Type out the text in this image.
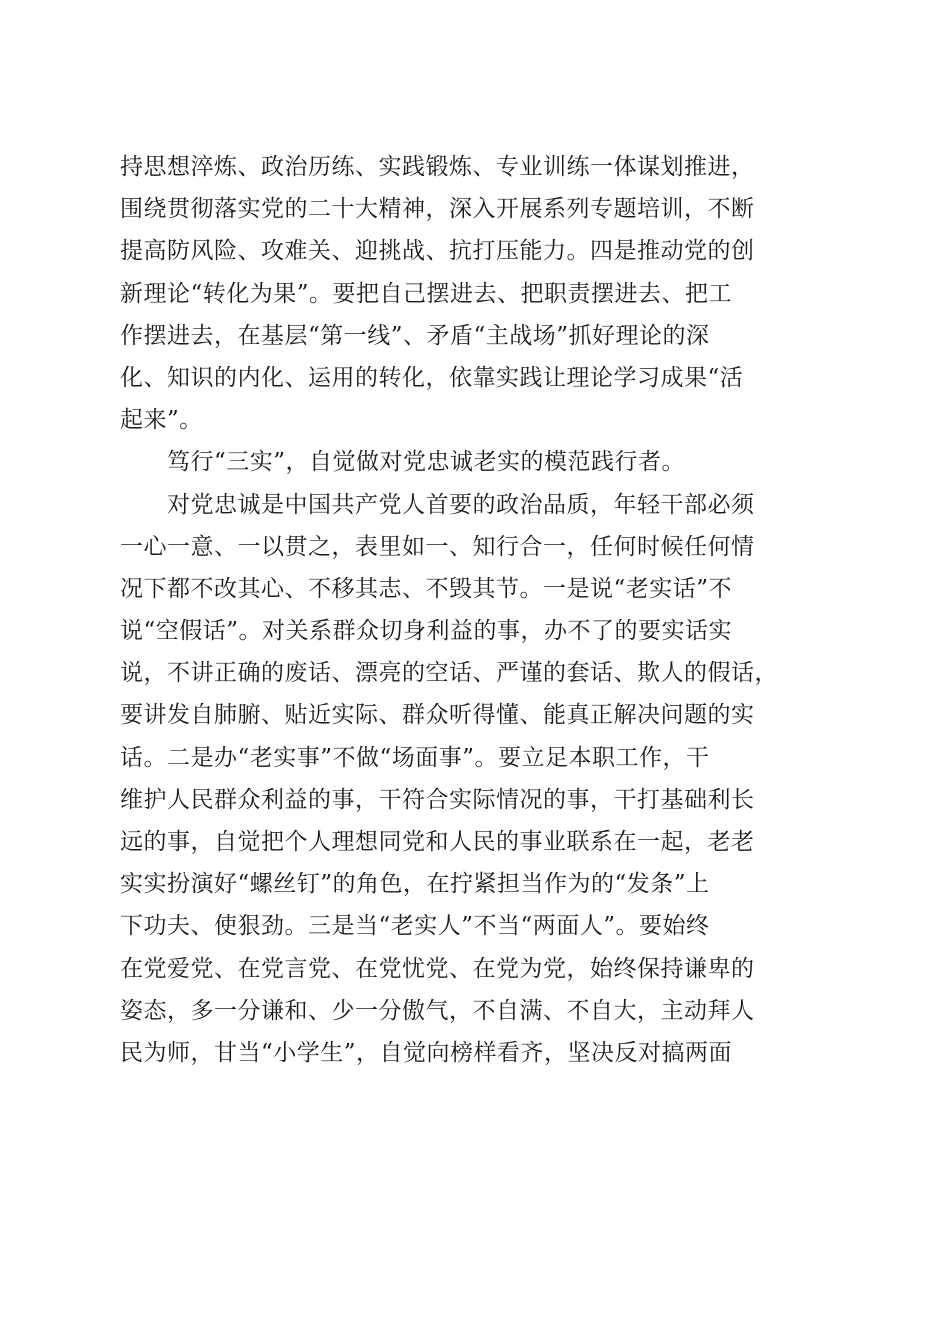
持思想淬炼、政治历练、实践锻炼、专业训练一体谋划推进，
围绕贯彻落实党的二十大精神，深入开展系列专题培训，不断
提高防风险、攻难关、迎挑战、抗打压能力。四是推动党的创
新理论“转化为果”。要把自己摆进去、把职责摆进去、把工
作摆进去，在基层“第一线”、矛盾“主战场”抓好理论的深
化、知识的内化、运用的转化，依靠实践让理论学习成果“活
起来”。
　　笃行“三实”，自觉做对党忠诚老实的模范践行者。
　　对党忠诚是中国共产党人首要的政治品质，年轻干部必须
一心一意、一以贯之，表里如一、知行合一，任何时候任何情
况下都不改其心、不移其志、不毁其节。一是说“老实话”不
说“空假话”。对关系群众切身利益的事，办不了的要实话实
说，不讲正确的废话、漂亮的空话、严谨的套话、欺人的假话，
要讲发自肺腑、贴近实际、群众听得懂、能真正解决问题的实
话。二是办“老实事”不做“场面事”。要立足本职工作，干
维护人民群众利益的事，干符合实际情况的事，干打基础利长
远的事，自觉把个人理想同党和人民的事业联系在一起，老老
实实扮演好“螺丝钉”的角色，在拧紧担当作为的“发条”上
下功夫、使狠劲。三是当“老实人”不当“两面人”。要始终
在党爱党、在党言党、在党忧党、在党为党，始终保持谦卑的
姿态，多一分谦和、少一分傲气，不自满、不自大，主动拜人
民为师，甘当“小学生”，自觉向榜样看齐，坚决反对搞两面
